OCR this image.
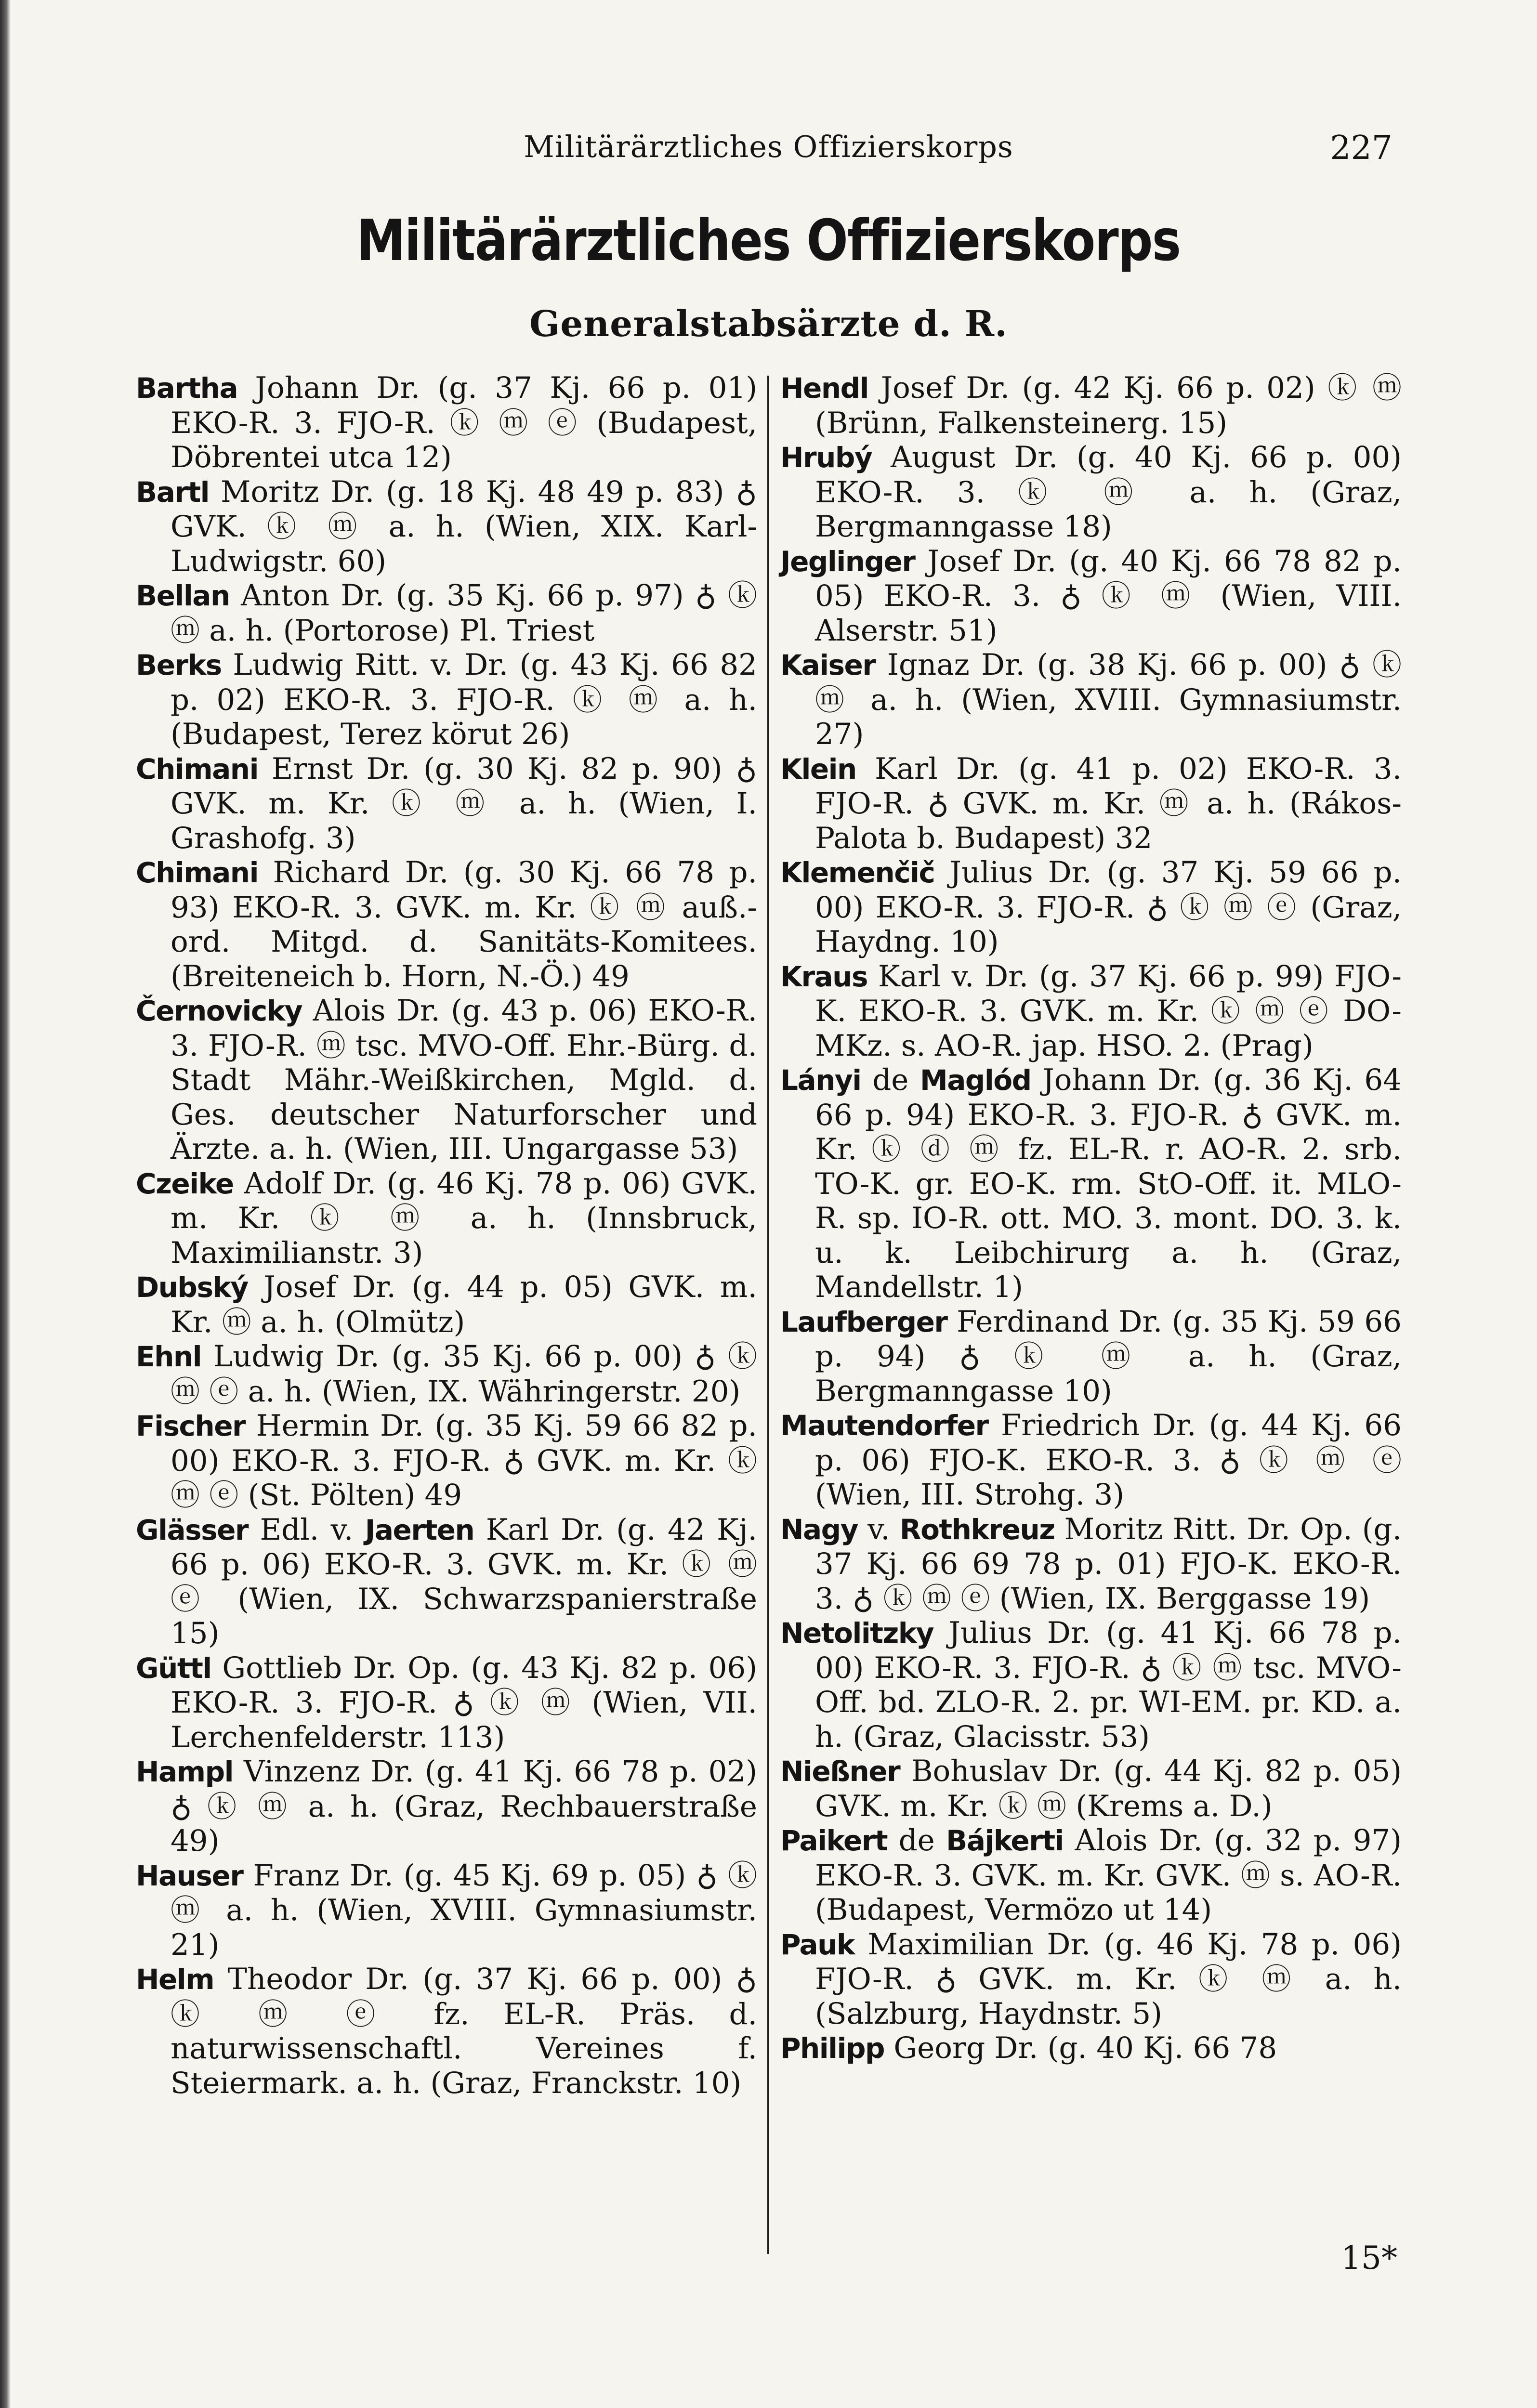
Militärärztliches Offizierskorps	227
Militärärztliches Offizierskorps
Generalstabsärzte d. R.

Bartha Johann Dr. (g. 37 Kj. 66 p. 01) EKO-R. 3. FJO-R. ⓚ ⓜ ⓔ (Budapest, Döbrentei utca 12)

Bartl Moritz Dr. (g. 18 Kj. 48 49 p. 83) ♁ GVK. ⓚ ⓜ a. h. (Wien, XIX. Karl-Ludwigstr. 60)

Bellan Anton Dr. (g. 35 Kj. 66 p. 97) ♁ ⓚ ⓜ a. h. (Portorose) Pl. Triest

Berks Ludwig Ritt. v. Dr. (g. 43 Kj. 66 82 p. 02) EKO-R. 3. FJO-R. ⓚ ⓜ a. h. (Budapest, Terez körut 26)

Chimani Ernst Dr. (g. 30 Kj. 82 p. 90) ♁ GVK. m. Kr. ⓚ ⓜ a. h. (Wien, I. Grashofg. 3)

Chimani Richard Dr. (g. 30 Kj. 66 78 p. 93) EKO-R. 3. GVK. m. Kr. ⓚ ⓜ auß.-ord. Mitgd. d. Sanitäts-Komitees. (Breiteneich b. Horn, N.-Ö.) 49

Černovicky Alois Dr. (g. 43 p. 06) EKO-R. 3. FJO-R. ⓜ tsc. MVO-Off. Ehr.-Bürg. d. Stadt Mähr.-Weißkirchen, Mgld. d. Ges. deutscher Naturforscher und Ärzte. a. h. (Wien, III. Ungargasse 53)

Czeike Adolf Dr. (g. 46 Kj. 78 p. 06) GVK. m. Kr. ⓚ ⓜ a. h. (Innsbruck, Maximilianstr. 3)

Dubský Josef Dr. (g. 44 p. 05) GVK. m. Kr. ⓜ a. h. (Olmütz)

Ehnl Ludwig Dr. (g. 35 Kj. 66 p. 00) ♁ ⓚ ⓜ ⓔ a. h. (Wien, IX. Währingerstr. 20)

Fischer Hermin Dr. (g. 35 Kj. 59 66 82 p. 00) EKO-R. 3. FJO-R. ♁ GVK. m. Kr. ⓚ ⓜ ⓔ (St. Pölten) 49

Glässer Edl. v. Jaerten Karl Dr. (g. 42 Kj. 66 p. 06) EKO-R. 3. GVK. m. Kr. ⓚ ⓜ ⓔ (Wien, IX. Schwarzspanierstraße 15)

Güttl Gottlieb Dr. Op. (g. 43 Kj. 82 p. 06) EKO-R. 3. FJO-R. ♁ ⓚ ⓜ (Wien, VII. Lerchenfelderstr. 113)

Hampl Vinzenz Dr. (g. 41 Kj. 66 78 p. 02) ♁ ⓚ ⓜ a. h. (Graz, Rechbauerstraße 49)

Hauser Franz Dr. (g. 45 Kj. 69 p. 05) ♁ ⓚ ⓜ a. h. (Wien, XVIII. Gymnasiumstr. 21)

Helm Theodor Dr. (g. 37 Kj. 66 p. 00) ♁ ⓚ ⓜ ⓔ fz. EL-R. Präs. d. naturwissenschaftl. Vereines f. Steiermark. a. h. (Graz, Franckstr. 10)

Hendl Josef Dr. (g. 42 Kj. 66 p. 02) ⓚ ⓜ (Brünn, Falkensteinerg. 15)

Hrubý August Dr. (g. 40 Kj. 66 p. 00) EKO-R. 3. ⓚ ⓜ a. h. (Graz, Bergmanngasse 18)

Jeglinger Josef Dr. (g. 40 Kj. 66 78 82 p. 05) EKO-R. 3. ♁ ⓚ ⓜ (Wien, VIII. Alserstr. 51)

Kaiser Ignaz Dr. (g. 38 Kj. 66 p. 00) ♁ ⓚ ⓜ a. h. (Wien, XVIII. Gymnasiumstr. 27)

Klein Karl Dr. (g. 41 p. 02) EKO-R. 3. FJO-R. ♁ GVK. m. Kr. ⓜ a. h. (Rákos-Palota b. Budapest) 32

Klemenčič Julius Dr. (g. 37 Kj. 59 66 p. 00) EKO-R. 3. FJO-R. ♁ ⓚ ⓜ ⓔ (Graz, Haydng. 10)

Kraus Karl v. Dr. (g. 37 Kj. 66 p. 99) FJO-K. EKO-R. 3. GVK. m. Kr. ⓚ ⓜ ⓔ DO-MKz. s. AO-R. jap. HSO. 2. (Prag)

Lányi de Maglód Johann Dr. (g. 36 Kj. 64 66 p. 94) EKO-R. 3. FJO-R. ♁ GVK. m. Kr. ⓚ ⓓ ⓜ fz. EL-R. r. AO-R. 2. srb. TO-K. gr. EO-K. rm. StO-Off. it. MLO-R. sp. IO-R. ott. MO. 3. mont. DO. 3. k. u. k. Leibchirurg a. h. (Graz, Mandellstr. 1)

Laufberger Ferdinand Dr. (g. 35 Kj. 59 66 p. 94) ♁ ⓚ ⓜ a. h. (Graz, Bergmanngasse 10)

Mautendorfer Friedrich Dr. (g. 44 Kj. 66 p. 06) FJO-K. EKO-R. 3. ♁ ⓚ ⓜ ⓔ (Wien, III. Strohg. 3)

Nagy v. Rothkreuz Moritz Ritt. Dr. Op. (g. 37 Kj. 66 69 78 p. 01) FJO-K. EKO-R. 3. ♁ ⓚ ⓜ ⓔ (Wien, IX. Berggasse 19)

Netolitzky Julius Dr. (g. 41 Kj. 66 78 p. 00) EKO-R. 3. FJO-R. ♁ ⓚ ⓜ tsc. MVO-Off. bd. ZLO-R. 2. pr. WI-EM. pr. KD. a. h. (Graz, Glacisstr. 53)

Nießner Bohuslav Dr. (g. 44 Kj. 82 p. 05) GVK. m. Kr. ⓚ ⓜ (Krems a. D.)

Paikert de Bájkerti Alois Dr. (g. 32 p. 97) EKO-R. 3. GVK. m. Kr. GVK. ⓜ s. AO-R. (Budapest, Vermözo ut 14)

Pauk Maximilian Dr. (g. 46 Kj. 78 p. 06) FJO-R. ♁ GVK. m. Kr. ⓚ ⓜ a. h. (Salzburg, Haydnstr. 5)

Philipp Georg Dr. (g. 40 Kj. 66 78

15*
